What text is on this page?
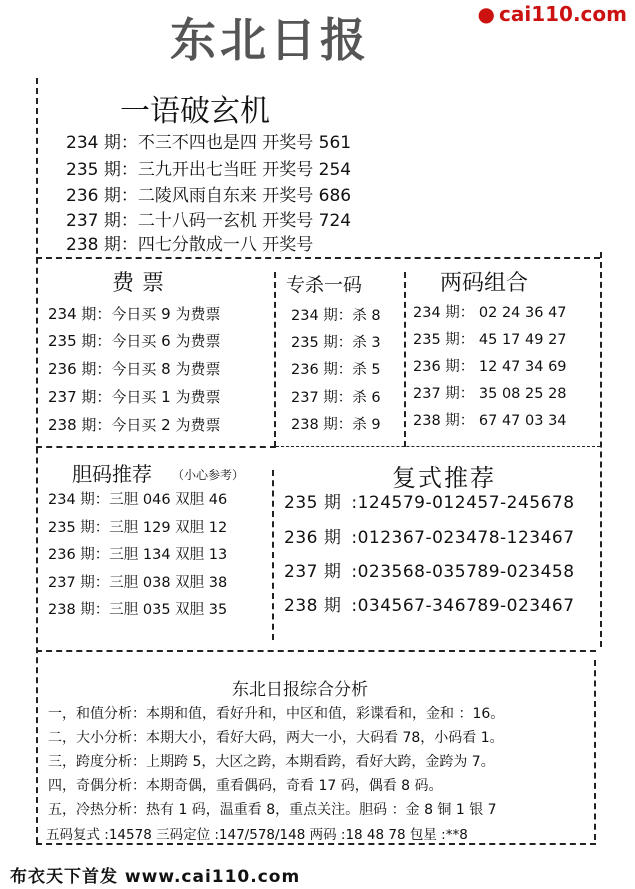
东北日报	● cai110.com
一语破玄机
234 期：不三不四也是四 开奖号 561
235 期：三九开出七当旺 开奖号 254
236 期：二陵风雨自东来 开奖号 686
237 期：二十八码一玄机 开奖号 724
238 期：四七分散成一八 开奖号
费票
234 期：今日买 9 为费票
235 期：今日买 6 为费票
236 期：今日买 8 为费票
237 期：今日买 1 为费票
238 期：今日买 2 为费票
专杀一码
234 期：杀 8
235 期：杀 3
236 期：杀 5
237 期：杀 6
238 期：杀 9
两码组合
234 期： 02 24 36 47
235 期： 45 17 49 27
236 期： 12 47 34 69
237 期： 35 08 25 28
238 期： 67 47 03 34
胆码推荐 （小心参考）
234 期：三胆 046 双胆 46
235 期：三胆 129 双胆 12
236 期：三胆 134 双胆 13
237 期：三胆 038 双胆 38
238 期：三胆 035 双胆 35
复式推荐
235 期 :124579-012457-245678
236 期 :012367-023478-123467
237 期 :023568-035789-023458
238 期 :034567-346789-023467
东北日报综合分析
一，和值分析：本期和值，看好升和，中区和值，彩谍看和，金和 ：16。
二，大小分析：本期大小，看好大码，两大一小，大码看 78，小码看 1。
三，跨度分析：上期跨 5，大区之跨，本期看跨，看好大跨，金跨为 7。
四，奇偶分析：本期奇偶，重看偶码，奇看 17 码，偶看 8 码。
五，冷热分析：热有 1 码，温重看 8，重点关注。胆码 ：金 8 铜 1 银 7
五码复式 :14578 三码定位 :147/578/148 两码 :18 48 78 包星 :**8
布衣天下首发 www.cai110.com
